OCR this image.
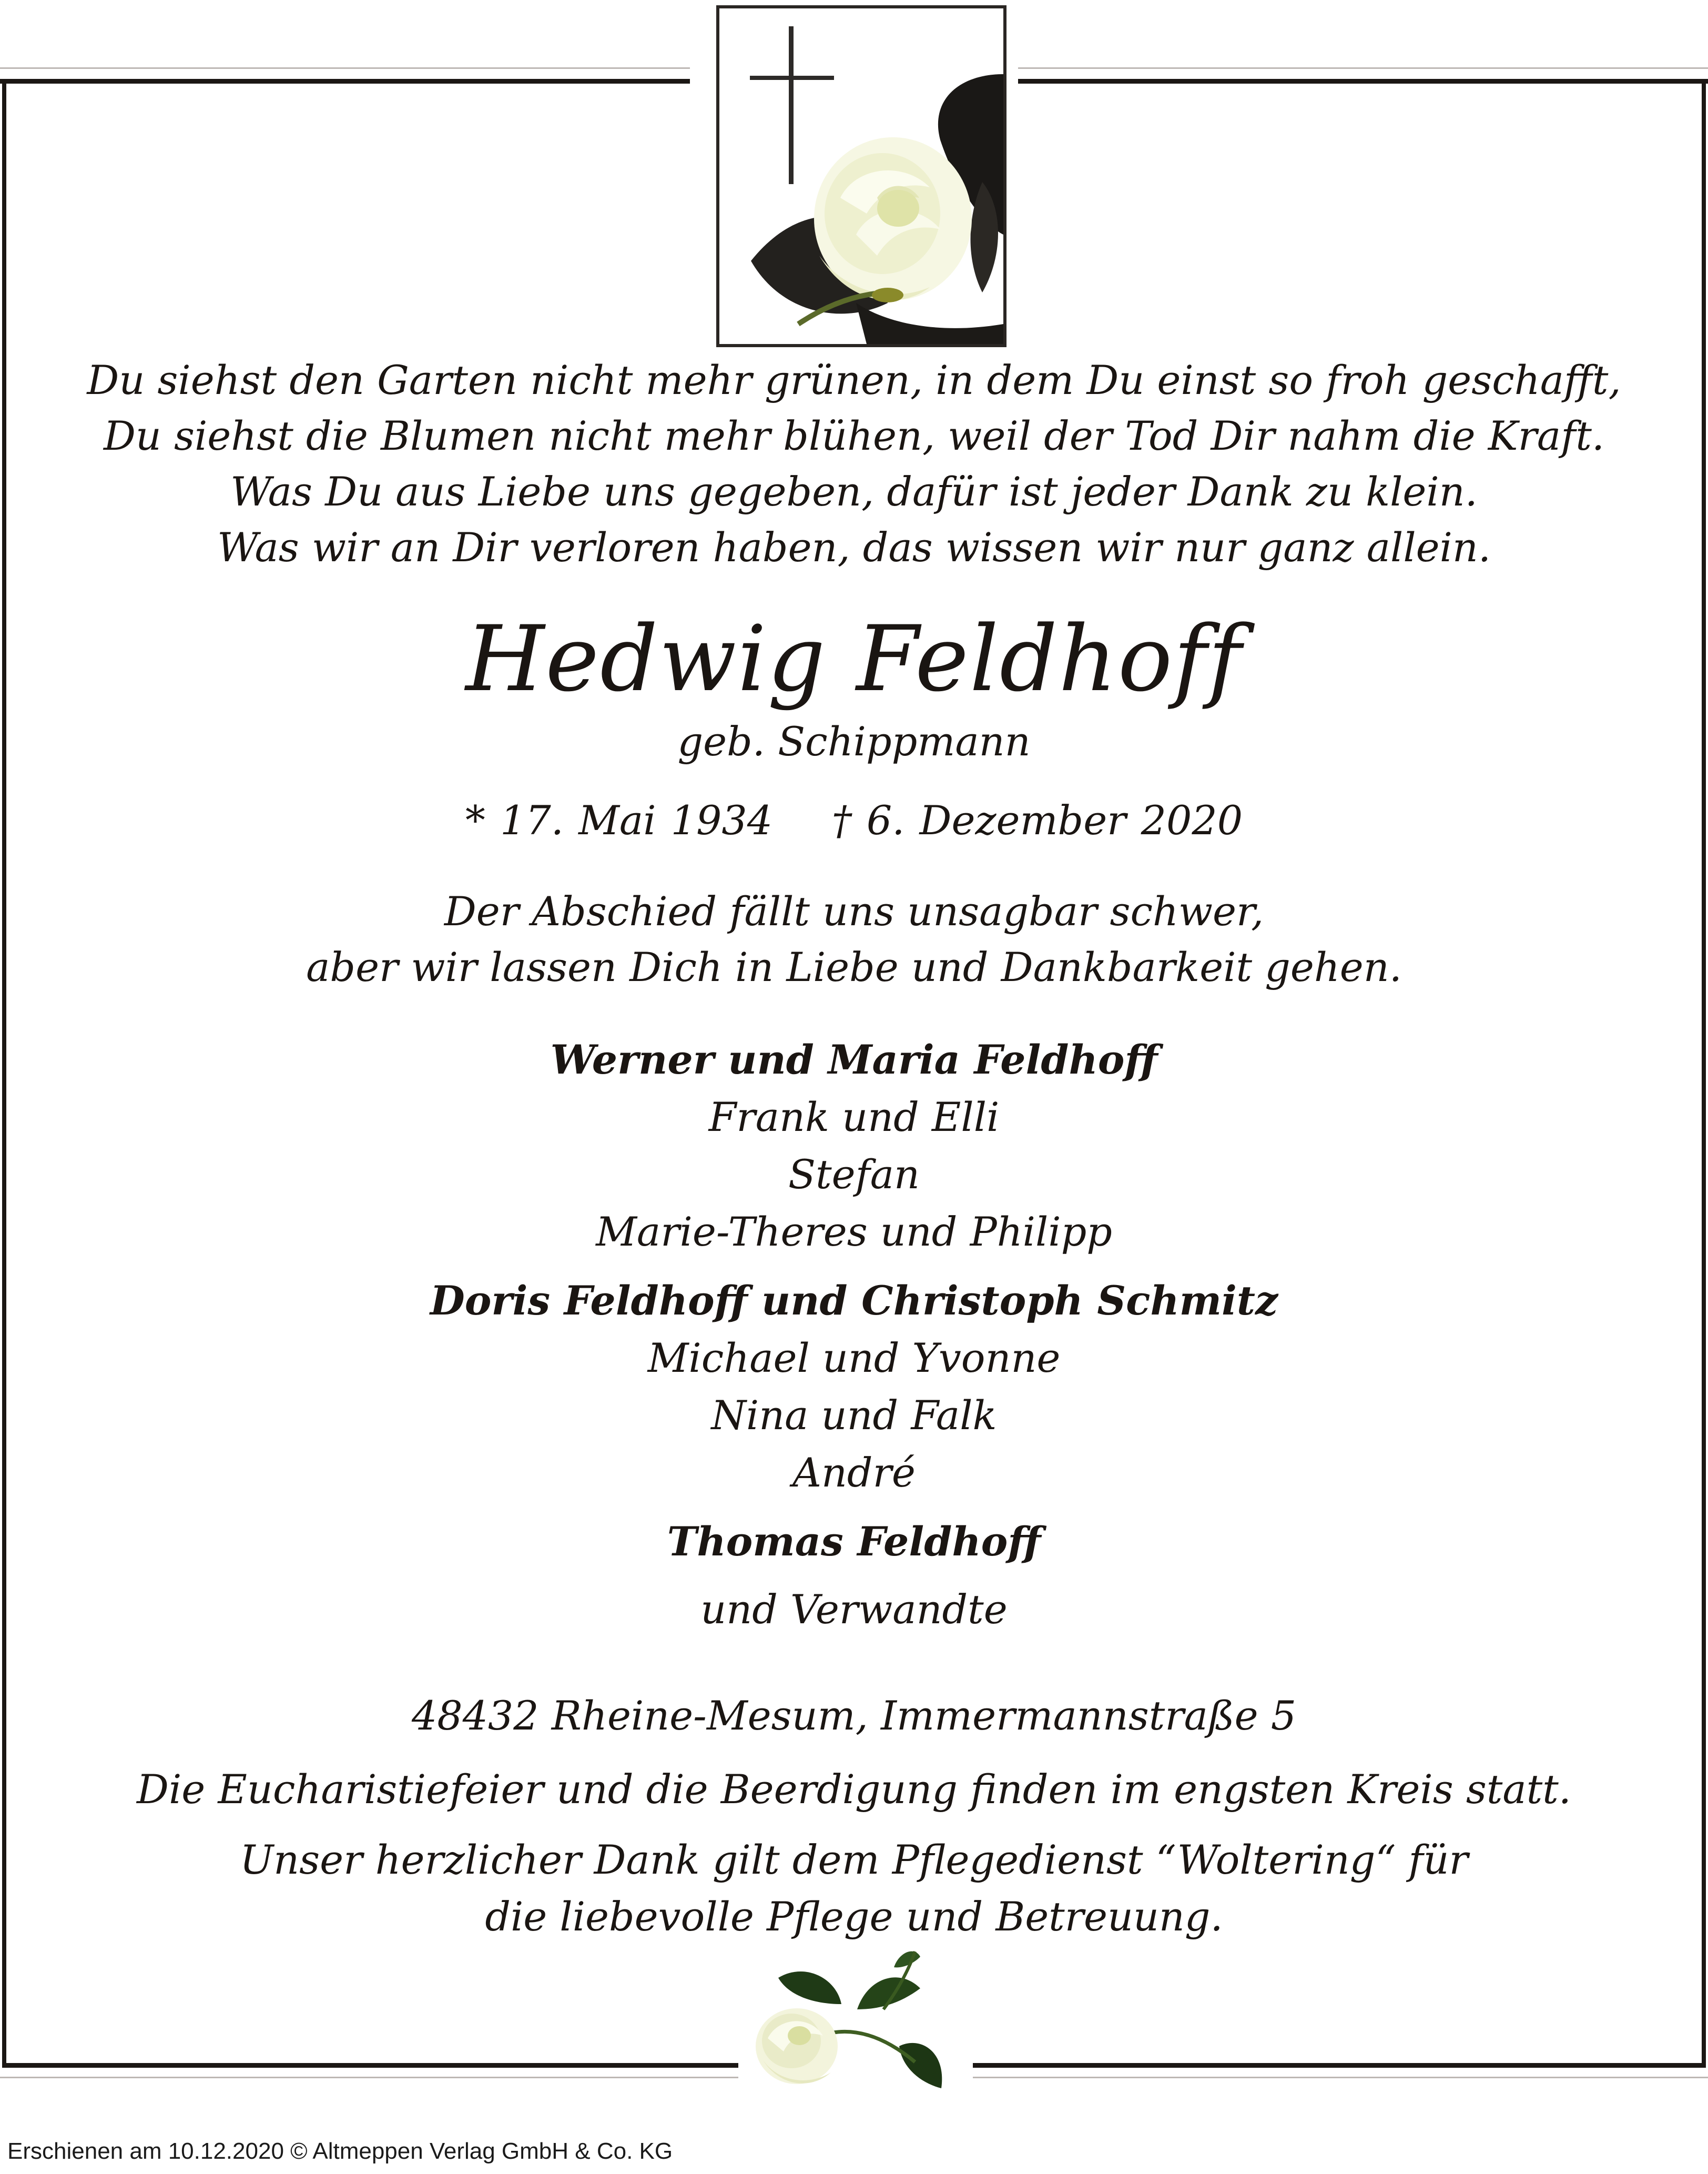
Du siehst den Garten nicht mehr grünen, in dem Du einst so froh geschafft,
Du siehst die Blumen nicht mehr blühen, weil der Tod Dir nahm die Kraft.
Was Du aus Liebe uns gegeben, dafür ist jeder Dank zu klein.
Was wir an Dir verloren haben, das wissen wir nur ganz allein.
Hedwig Feldhoff
geb. Schippmann
* 17. Mai 1934    † 6. Dezember 2020
Der Abschied fällt uns unsagbar schwer,
aber wir lassen Dich in Liebe und Dankbarkeit gehen.
Werner und Maria Feldhoff
Frank und Elli
Stefan
Marie-Theres und Philipp
Doris Feldhoff und Christoph Schmitz
Michael und Yvonne
Nina und Falk
André
Thomas Feldhoff
und Verwandte
48432 Rheine-Mesum, Immermannstraße 5
Die Eucharistiefeier und die Beerdigung finden im engsten Kreis statt.
Unser herzlicher Dank gilt dem Pflegedienst “Woltering“ für
die liebevolle Pflege und Betreuung.
Erschienen am 10.12.2020 © Altmeppen Verlag GmbH & Co. KG
